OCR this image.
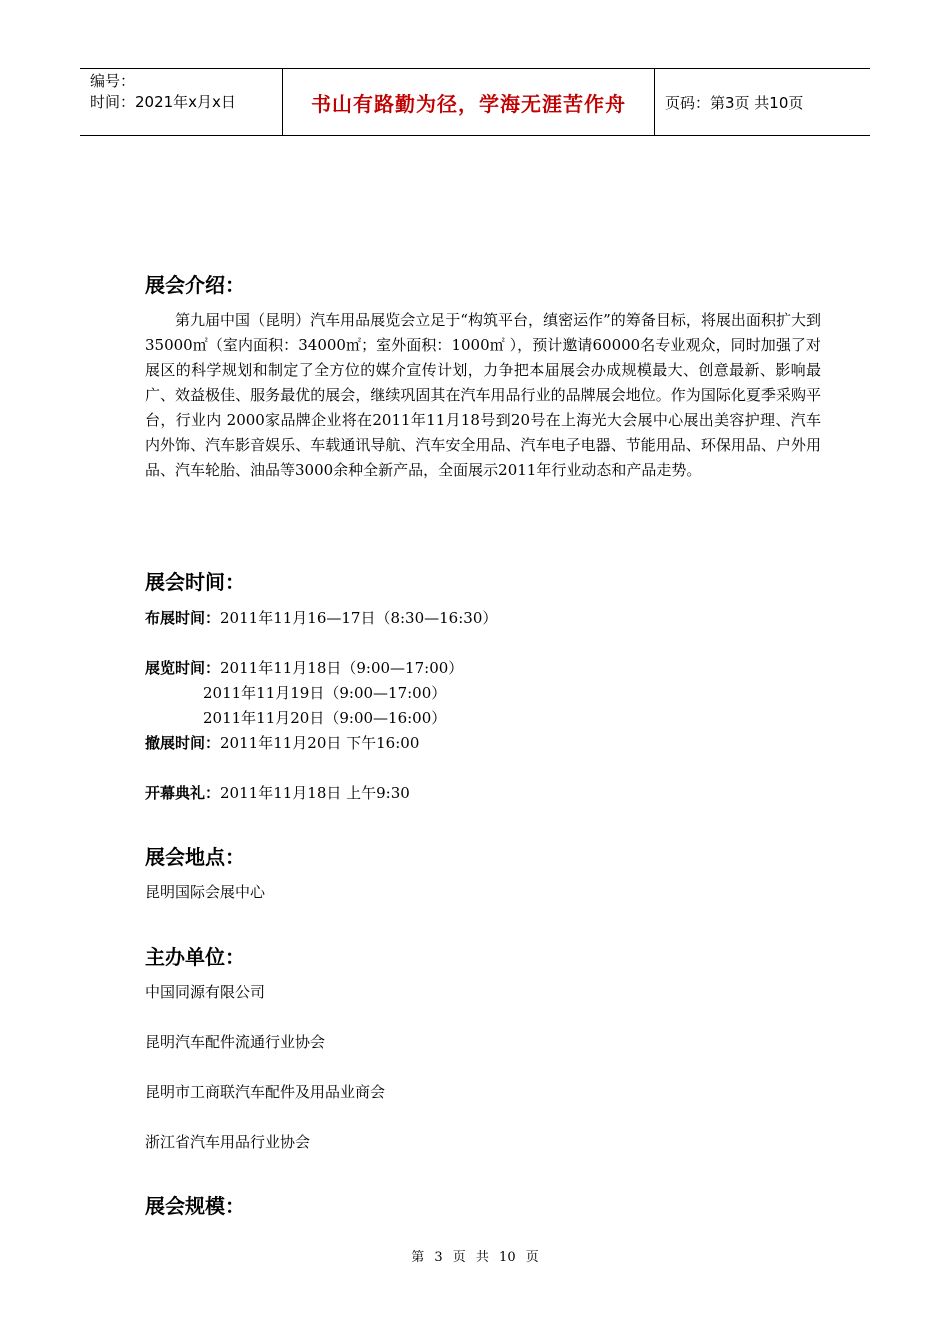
编号：
时间：2021年x月x日	书山有路勤为径，学海无涯苦作舟	页码：第3页 共10页
展会介绍：
第九届中国（昆明）汽车用品展览会立足于“构筑平台，缜密运作”的筹备目标，将展出面积扩大到35000㎡（室内面积：34000㎡；室外面积：1000㎡ ），预计邀请60000名专业观众，同时加强了对展区的科学规划和制定了全方位的媒介宣传计划，力争把本届展会办成规模最大、创意最新、影响最广、效益极佳、服务最优的展会，继续巩固其在汽车用品行业的品牌展会地位。作为国际化夏季采购平台，行业内 2000家品牌企业将在2011年11月18号到20号在上海光大会展中心展出美容护理、汽车内外饰、汽车影音娱乐、车载通讯导航、汽车安全用品、汽车电子电器、节能用品、环保用品、户外用品、汽车轮胎、油品等3000余种全新产品，全面展示2011年行业动态和产品走势。
展会时间：
布展时间：2011年11月16—17日（8:30—16:30）
展览时间：2011年11月18日（9:00—17:00）
2011年11月19日（9:00—17:00）
2011年11月20日（9:00—16:00）
撤展时间：2011年11月20日 下午16:00
开幕典礼：2011年11月18日 上午9:30
展会地点：
昆明国际会展中心
主办单位：
中国同源有限公司
昆明汽车配件流通行业协会
昆明市工商联汽车配件及用品业商会
浙江省汽车用品行业协会
展会规模：
第 3 页 共 10 页
